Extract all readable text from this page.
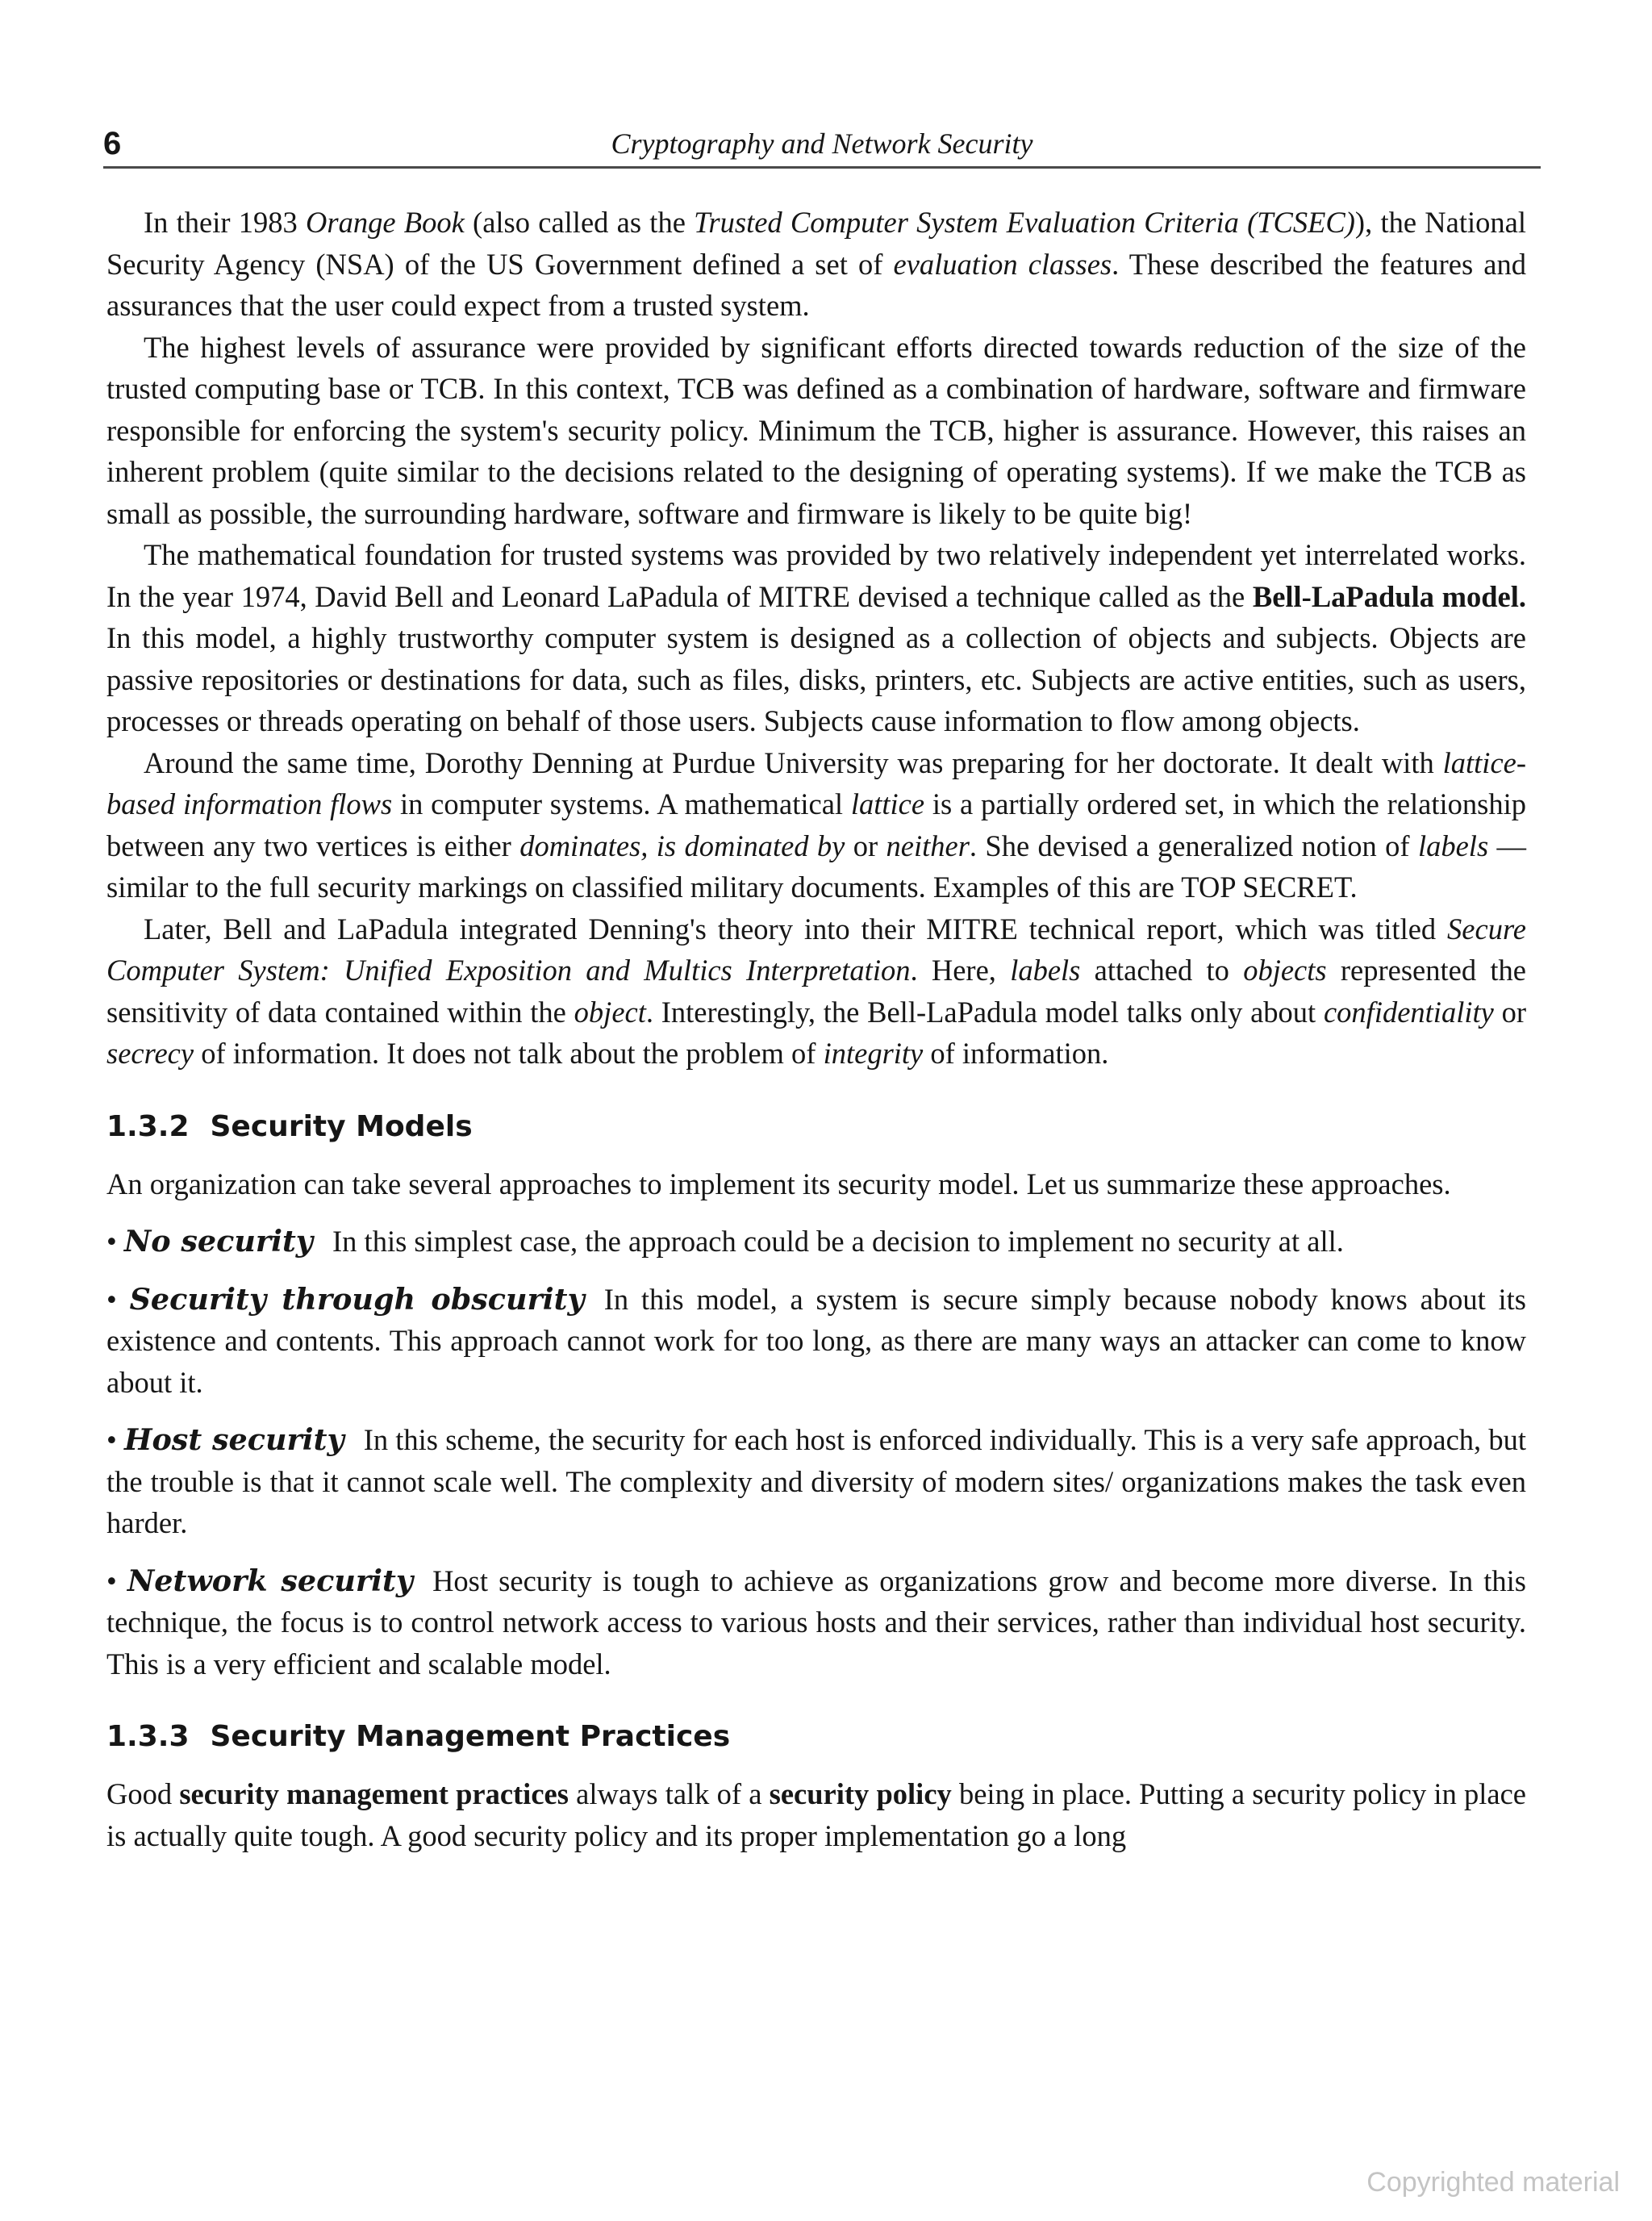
6	Cryptography and Network Security

In their 1983 Orange Book (also called as the Trusted Computer System Evaluation Criteria (TCSEC)), the National Security Agency (NSA) of the US Government defined a set of evaluation classes. These described the features and assurances that the user could expect from a trusted system.

The highest levels of assurance were provided by significant efforts directed towards reduction of the size of the trusted computing base or TCB. In this context, TCB was defined as a combination of hardware, software and firmware responsible for enforcing the system's security policy. Minimum the TCB, higher is assurance. However, this raises an inherent problem (quite similar to the decisions related to the designing of operating systems). If we make the TCB as small as possible, the surrounding hardware, software and firmware is likely to be quite big!

The mathematical foundation for trusted systems was provided by two relatively independent yet interrelated works. In the year 1974, David Bell and Leonard LaPadula of MITRE devised a technique called as the Bell-LaPadula model. In this model, a highly trustworthy computer system is designed as a collection of objects and subjects. Objects are passive repositories or destinations for data, such as files, disks, printers, etc. Subjects are active entities, such as users, processes or threads operating on behalf of those users. Subjects cause information to flow among objects.

Around the same time, Dorothy Denning at Purdue University was preparing for her doctorate. It dealt with lattice-based information flows in computer systems. A mathematical lattice is a partially ordered set, in which the relationship between any two vertices is either dominates, is dominated by or neither. She devised a generalized notion of labels — similar to the full security markings on classified military documents. Examples of this are TOP SECRET.

Later, Bell and LaPadula integrated Denning's theory into their MITRE technical report, which was titled Secure Computer System: Unified Exposition and Multics Interpretation. Here, labels attached to objects represented the sensitivity of data contained within the object. Interestingly, the Bell-LaPadula model talks only about confidentiality or secrecy of information. It does not talk about the problem of integrity of information.

1.3.2 Security Models

An organization can take several approaches to implement its security model. Let us summarize these approaches.

• No security In this simplest case, the approach could be a decision to implement no security at all.

• Security through obscurity In this model, a system is secure simply because nobody knows about its existence and contents. This approach cannot work for too long, as there are many ways an attacker can come to know about it.

• Host security In this scheme, the security for each host is enforced individually. This is a very safe approach, but the trouble is that it cannot scale well. The complexity and diversity of modern sites/ organizations makes the task even harder.

• Network security Host security is tough to achieve as organizations grow and become more diverse. In this technique, the focus is to control network access to various hosts and their services, rather than individual host security. This is a very efficient and scalable model.

1.3.3 Security Management Practices

Good security management practices always talk of a security policy being in place. Putting a security policy in place is actually quite tough. A good security policy and its proper implementation go a long

Copyrighted material
